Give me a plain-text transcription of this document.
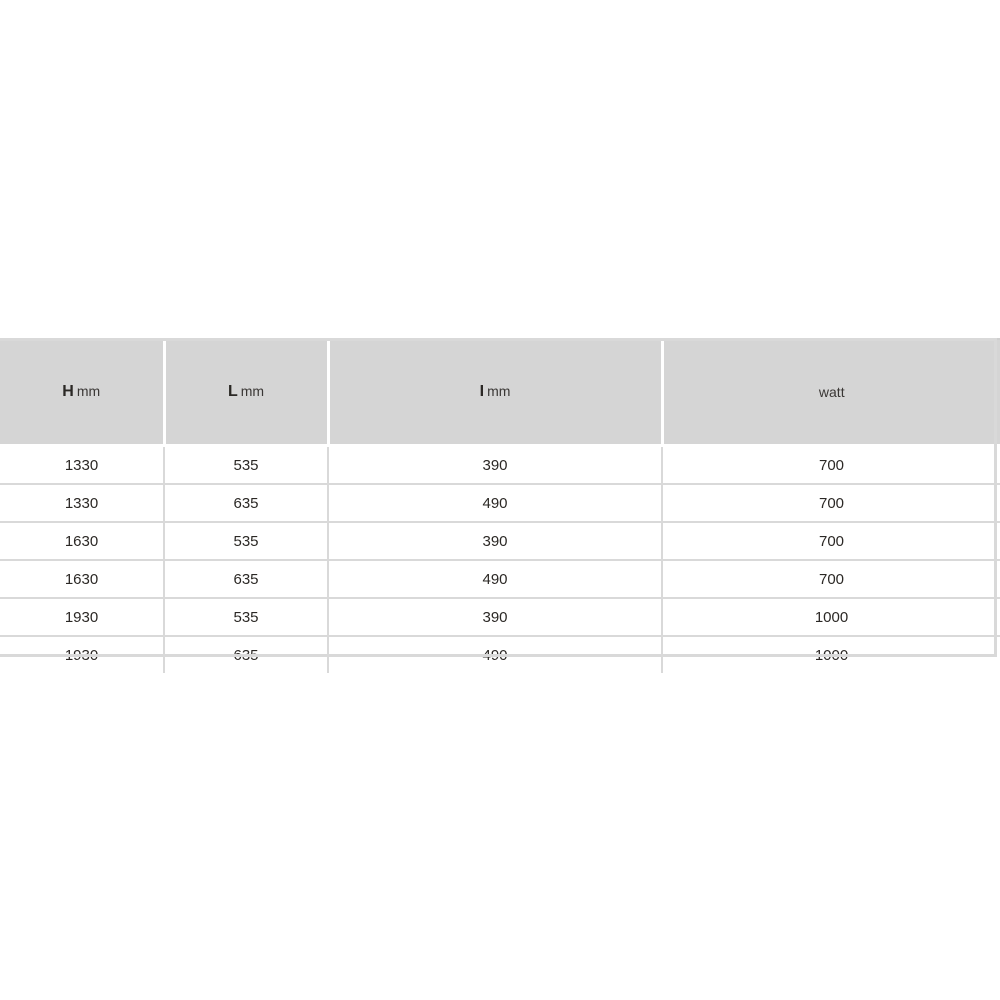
H mm	L mm	I mm	watt

1330	535	390	700
1330	635	490	700
1630	535	390	700
1630	635	490	700
1930	535	390	1000
1930	635	490	1000
